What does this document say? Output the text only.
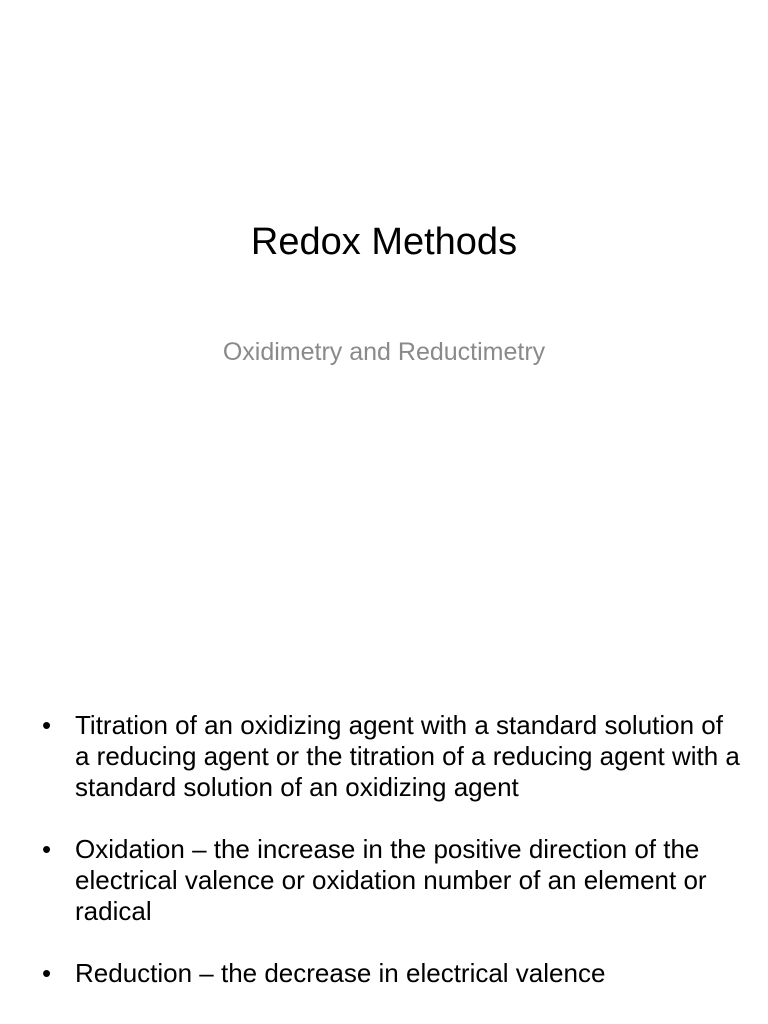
Redox Methods
Oxidimetry and Reductimetry
• Titration of an oxidizing agent with a standard solution of a reducing agent or the titration of a reducing agent with a standard solution of an oxidizing agent
• Oxidation – the increase in the positive direction of the electrical valence or oxidation number of an element or radical
• Reduction – the decrease in electrical valence
